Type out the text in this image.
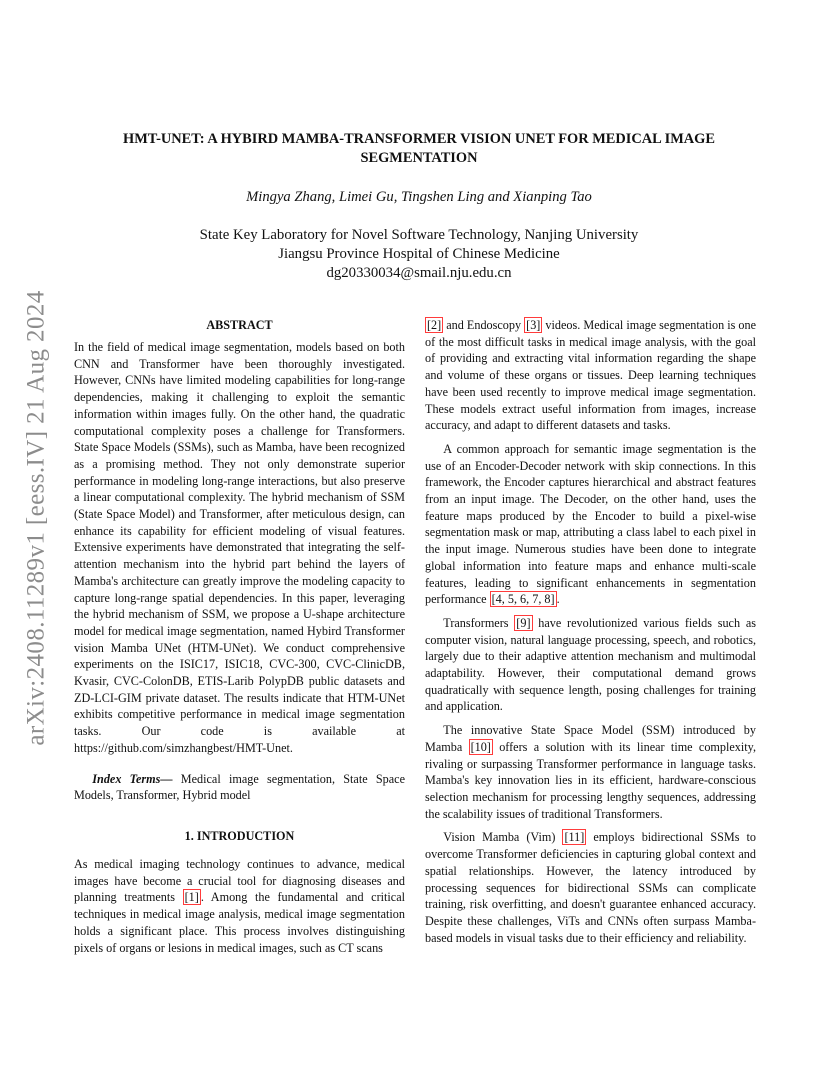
arXiv:2408.11289v1 [eess.IV] 21 Aug 2024
HMT-UNET: A HYBIRD MAMBA-TRANSFORMER VISION UNET FOR MEDICAL IMAGE
SEGMENTATION
Mingya Zhang, Limei Gu, Tingshen Ling and Xianping Tao
State Key Laboratory for Novel Software Technology, Nanjing University
Jiangsu Province Hospital of Chinese Medicine
dg20330034@smail.nju.edu.cn
ABSTRACT

In the field of medical image segmentation, models based on both CNN and Transformer have been thoroughly investigated. However, CNNs have limited modeling capabilities for long-range dependencies, making it challenging to exploit the semantic information within images fully. On the other hand, the quadratic computational complexity poses a challenge for Transformers. State Space Models (SSMs), such as Mamba, have been recognized as a promising method. They not only demonstrate superior performance in modeling long-range interactions, but also preserve a linear computational complexity. The hybrid mechanism of SSM (State Space Model) and Transformer, after meticulous design, can enhance its capability for efficient modeling of visual features. Extensive experiments have demonstrated that integrating the self-attention mechanism into the hybrid part behind the layers of Mamba's architecture can greatly improve the modeling capacity to capture long-range spatial dependencies. In this paper, leveraging the hybrid mechanism of SSM, we propose a U-shape architecture model for medical image segmentation, named Hybird Transformer vision Mamba UNet (HTM-UNet). We conduct comprehensive experiments on the ISIC17, ISIC18, CVC-300, CVC-ClinicDB, Kvasir, CVC-ColonDB, ETIS-Larib PolypDB public datasets and ZD-LCI-GIM private dataset. The results indicate that HTM-UNet exhibits competitive performance in medical image segmentation tasks. Our code is available at https://github.com/simzhangbest/HMT-Unet.

Index Terms— Medical image segmentation, State Space Models, Transformer, Hybrid model

1. INTRODUCTION

As medical imaging technology continues to advance, medical images have become a crucial tool for diagnosing diseases and planning treatments [1] . Among the fundamental and critical techniques in medical image analysis, medical image segmentation holds a significant place. This process involves distinguishing pixels of organs or lesions in medical images, such as CT scans

[2] and Endoscopy [3] videos. Medical image segmentation is one of the most difficult tasks in medical image analysis, with the goal of providing and extracting vital information regarding the shape and volume of these organs or tissues. Deep learning techniques have been used recently to improve medical image segmentation. These models extract useful information from images, increase accuracy, and adapt to different datasets and tasks.

A common approach for semantic image segmentation is the use of an Encoder-Decoder network with skip connections. In this framework, the Encoder captures hierarchical and abstract features from an input image. The Decoder, on the other hand, uses the feature maps produced by the Encoder to build a pixel-wise segmentation mask or map, attributing a class label to each pixel in the input image. Numerous studies have been done to integrate global information into feature maps and enhance multi-scale features, leading to significant enhancements in segmentation performance [4, 5, 6, 7, 8] .

Transformers [9] have revolutionized various fields such as computer vision, natural language processing, speech, and robotics, largely due to their adaptive attention mechanism and multimodal adaptability. However, their computational demand grows quadratically with sequence length, posing challenges for training and application.

The innovative State Space Model (SSM) introduced by Mamba [10] offers a solution with its linear time complexity, rivaling or surpassing Transformer performance in language tasks. Mamba's key innovation lies in its efficient, hardware-conscious selection mechanism for processing lengthy sequences, addressing the scalability issues of traditional Transformers.

Vision Mamba (Vim) [11] employs bidirectional SSMs to overcome Transformer deficiencies in capturing global context and spatial relationships. However, the latency introduced by processing sequences for bidirectional SSMs can complicate training, risk overfitting, and doesn't guarantee enhanced accuracy. Despite these challenges, ViTs and CNNs often surpass Mamba-based models in visual tasks due to their efficiency and reliability.
